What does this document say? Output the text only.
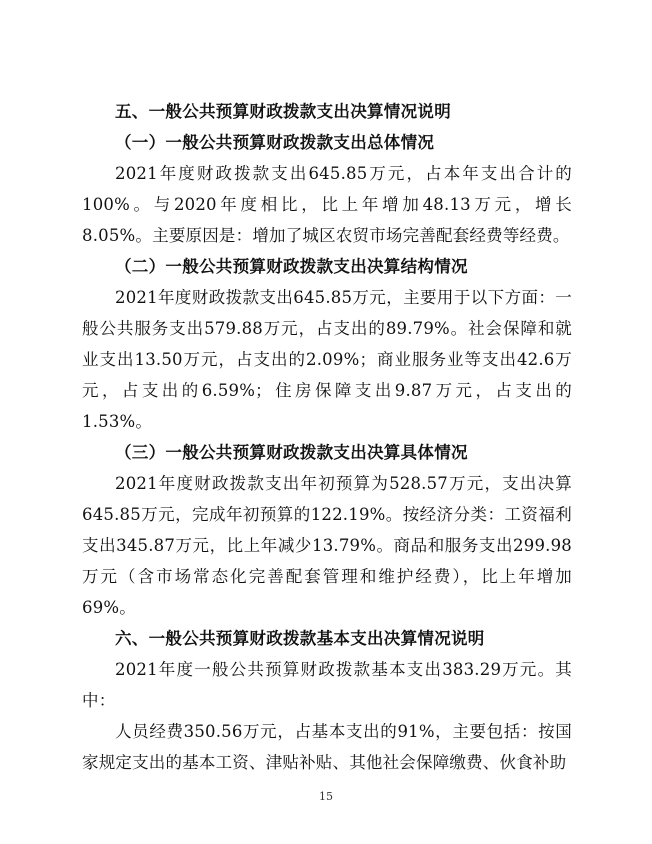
五、一般公共预算财政拨款支出决算情况说明

（一）一般公共预算财政拨款支出总体情况

2021年度财政拨款支出645.85万元，占本年支出合计的100%。与2020年度相比，比上年增加48.13万元，增长8.05%。主要原因是：增加了城区农贸市场完善配套经费等经费。

（二）一般公共预算财政拨款支出决算结构情况

2021年度财政拨款支出645.85万元，主要用于以下方面：一般公共服务支出579.88万元，占支出的89.79%。社会保障和就业支出13.50万元，占支出的2.09%；商业服务业等支出42.6万元，占支出的6.59%；住房保障支出9.87万元，占支出的1.53%。

（三）一般公共预算财政拨款支出决算具体情况

2021年度财政拨款支出年初预算为528.57万元，支出决算645.85万元，完成年初预算的122.19%。按经济分类：工资福利支出345.87万元，比上年减少13.79%。商品和服务支出299.98万元（含市场常态化完善配套管理和维护经费），比上年增加69%。

六、一般公共预算财政拨款基本支出决算情况说明

2021年度一般公共预算财政拨款基本支出383.29万元。其中：

人员经费350.56万元，占基本支出的91%，主要包括：按国家规定支出的基本工资、津贴补贴、其他社会保障缴费、伙食补助

15
